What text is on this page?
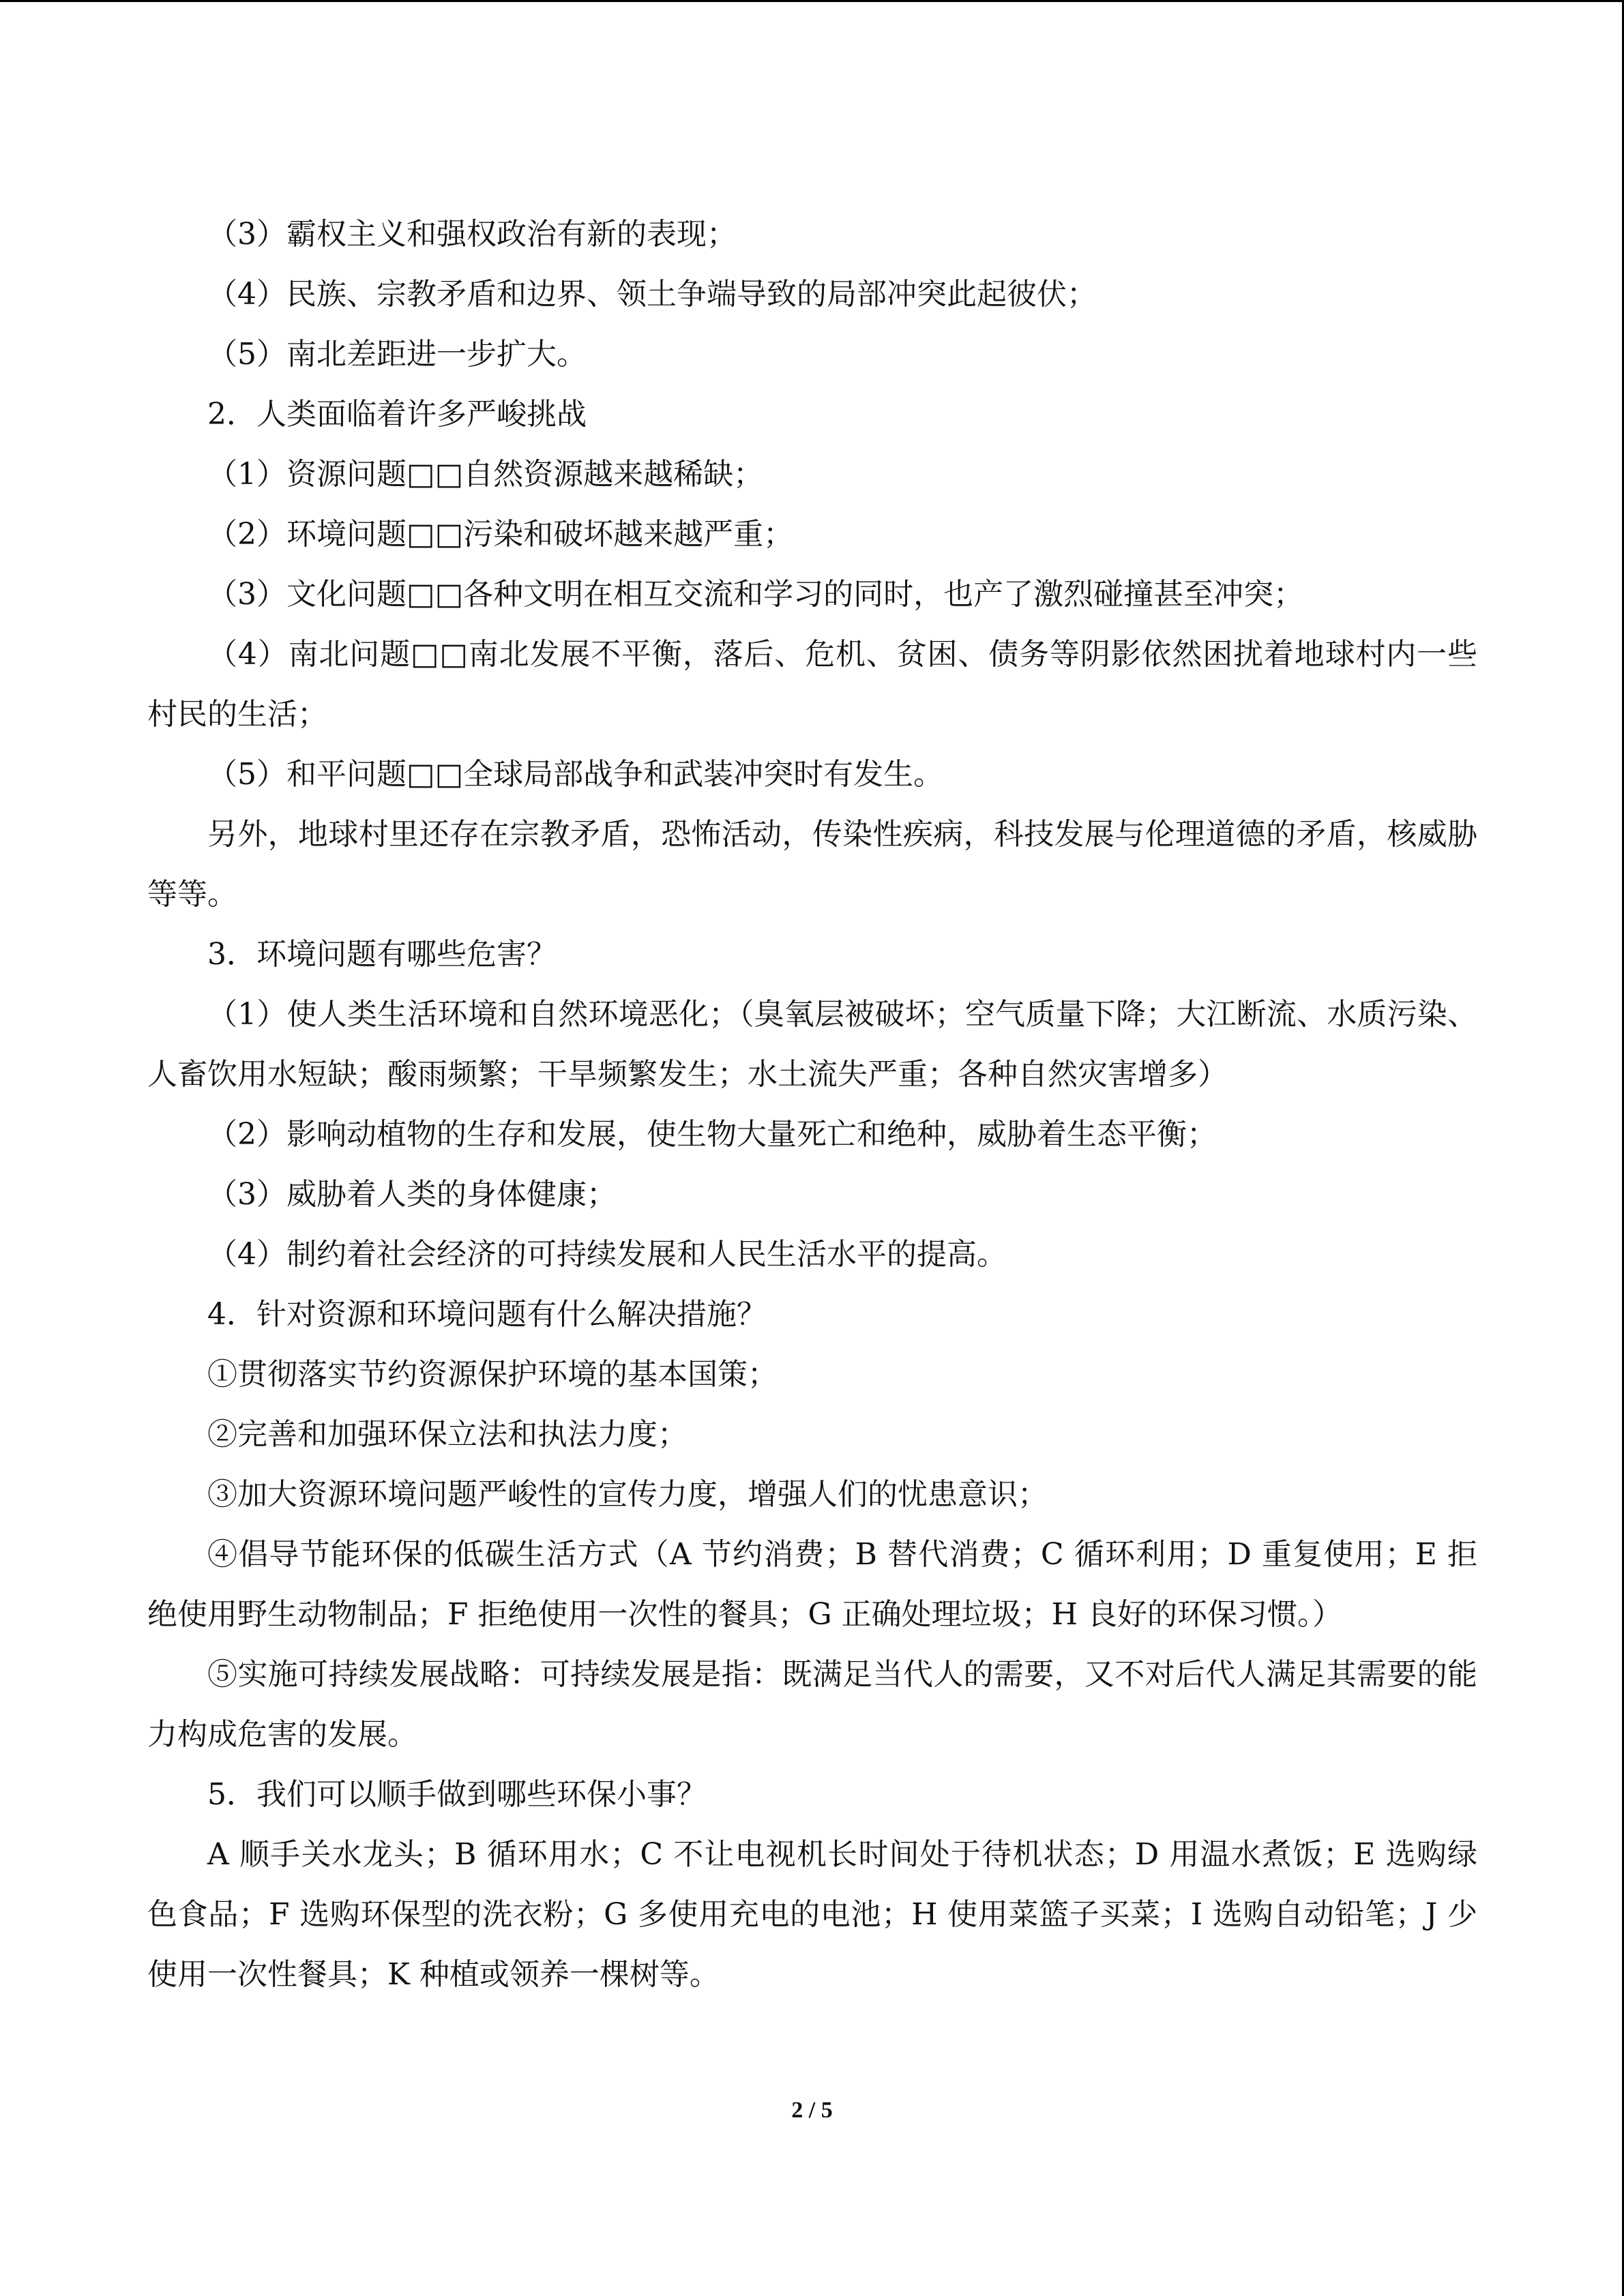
（3）霸权主义和强权政治有新的表现；

（4）民族、宗教矛盾和边界、领土争端导致的局部冲突此起彼伏；

（5）南北差距进一步扩大。

2．人类面临着许多严峻挑战

（1）资源问题□□自然资源越来越稀缺；

（2）环境问题□□污染和破坏越来越严重；

（3）文化问题□□各种文明在相互交流和学习的同时，也产了激烈碰撞甚至冲突；

（4）南北问题□□南北发展不平衡，落后、危机、贫困、债务等阴影依然困扰着地球村内一些村民的生活；

（5）和平问题□□全球局部战争和武装冲突时有发生。

另外，地球村里还存在宗教矛盾，恐怖活动，传染性疾病，科技发展与伦理道德的矛盾，核威胁等等。

3．环境问题有哪些危害？

（1）使人类生活环境和自然环境恶化；（臭氧层被破坏；空气质量下降；大江断流、水质污染、人畜饮用水短缺；酸雨频繁；干旱频繁发生；水土流失严重；各种自然灾害增多）

（2）影响动植物的生存和发展，使生物大量死亡和绝种，威胁着生态平衡；

（3）威胁着人类的身体健康；

（4）制约着社会经济的可持续发展和人民生活水平的提高。

4．针对资源和环境问题有什么解决措施？

①贯彻落实节约资源保护环境的基本国策；

②完善和加强环保立法和执法力度；

③加大资源环境问题严峻性的宣传力度，增强人们的忧患意识；

④倡导节能环保的低碳生活方式（A 节约消费；B 替代消费；C 循环利用；D 重复使用；E 拒绝使用野生动物制品；F 拒绝使用一次性的餐具；G 正确处理垃圾；H 良好的环保习惯。）

⑤实施可持续发展战略：可持续发展是指：既满足当代人的需要，又不对后代人满足其需要的能力构成危害的发展。

5．我们可以顺手做到哪些环保小事？

A 顺手关水龙头；B 循环用水；C 不让电视机长时间处于待机状态；D 用温水煮饭；E 选购绿色食品；F 选购环保型的洗衣粉；G 多使用充电的电池；H 使用菜篮子买菜；I 选购自动铅笔；J 少使用一次性餐具；K 种植或领养一棵树等。

2 / 5
